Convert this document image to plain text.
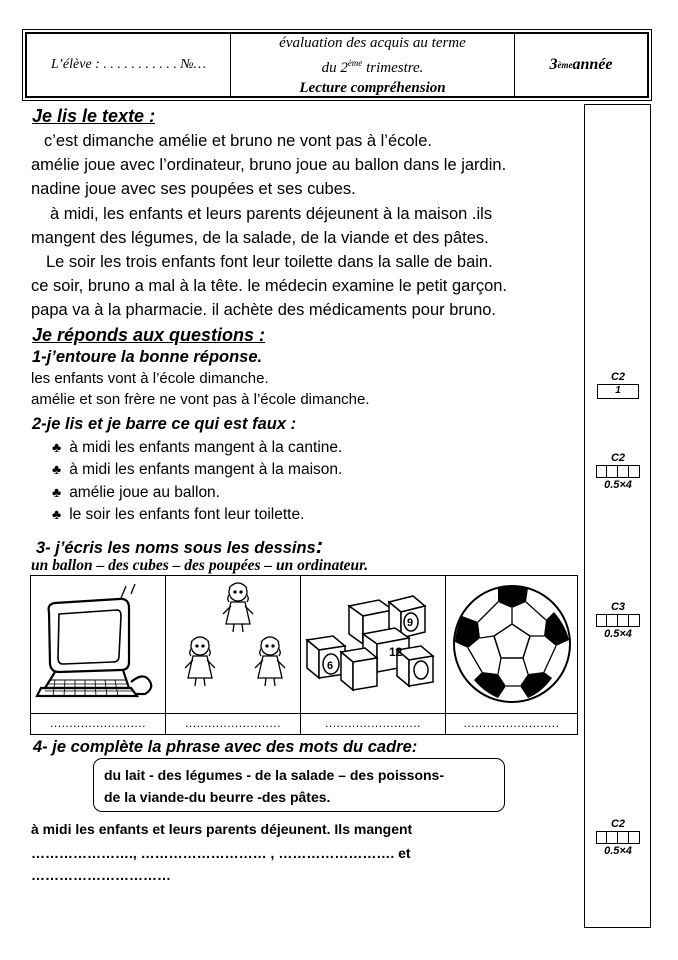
L’élève : . . . . . . . . . . . №…
évaluation des acquis au terme
du 2ème trimestre.
Lecture compréhension
3 ème année
C2
1
C2
0.5×4
C3
0.5×4
C2
0.5×4
Je lis le texte :
c’est dimanche amélie et bruno ne vont pas à l’école.
amélie joue avec l’ordinateur, bruno joue au ballon dans le jardin.
nadine joue avec ses poupées et ses cubes.
à midi, les enfants et leurs parents déjeunent à la maison .ils
mangent des légumes, de la salade, de la viande et des pâtes.
Le soir les trois enfants font leur toilette dans la salle de bain.
ce soir, bruno a mal à la tête. le médecin examine le petit garçon.
papa va à la pharmacie. il achète des médicaments pour bruno.
Je réponds aux questions :
1-j’entoure la bonne réponse.
les enfants vont à l’école dimanche.
amélie et son frère ne vont pas à l’école dimanche.
2-je lis et je barre ce qui est faux :
♣ à midi les enfants mangent à la cantine.
♣ à midi les enfants mangent à la maison.
♣ amélie joue au ballon.
♣ le soir les enfants font leur toilette.
3- j’écris les noms sous les dessins:
un ballon – des cubes – des poupées – un ordinateur.
.........................	.........................
12
9
6
.........................	.........................
4- je complète la phrase avec des mots du cadre:
du lait - des légumes - de la salade – des poissons-
de la viande-du beurre -des pâtes.
à midi les enfants et leurs parents déjeunent. Ils mangent
…………………., ……………………… , ……………………. et
…………………………
